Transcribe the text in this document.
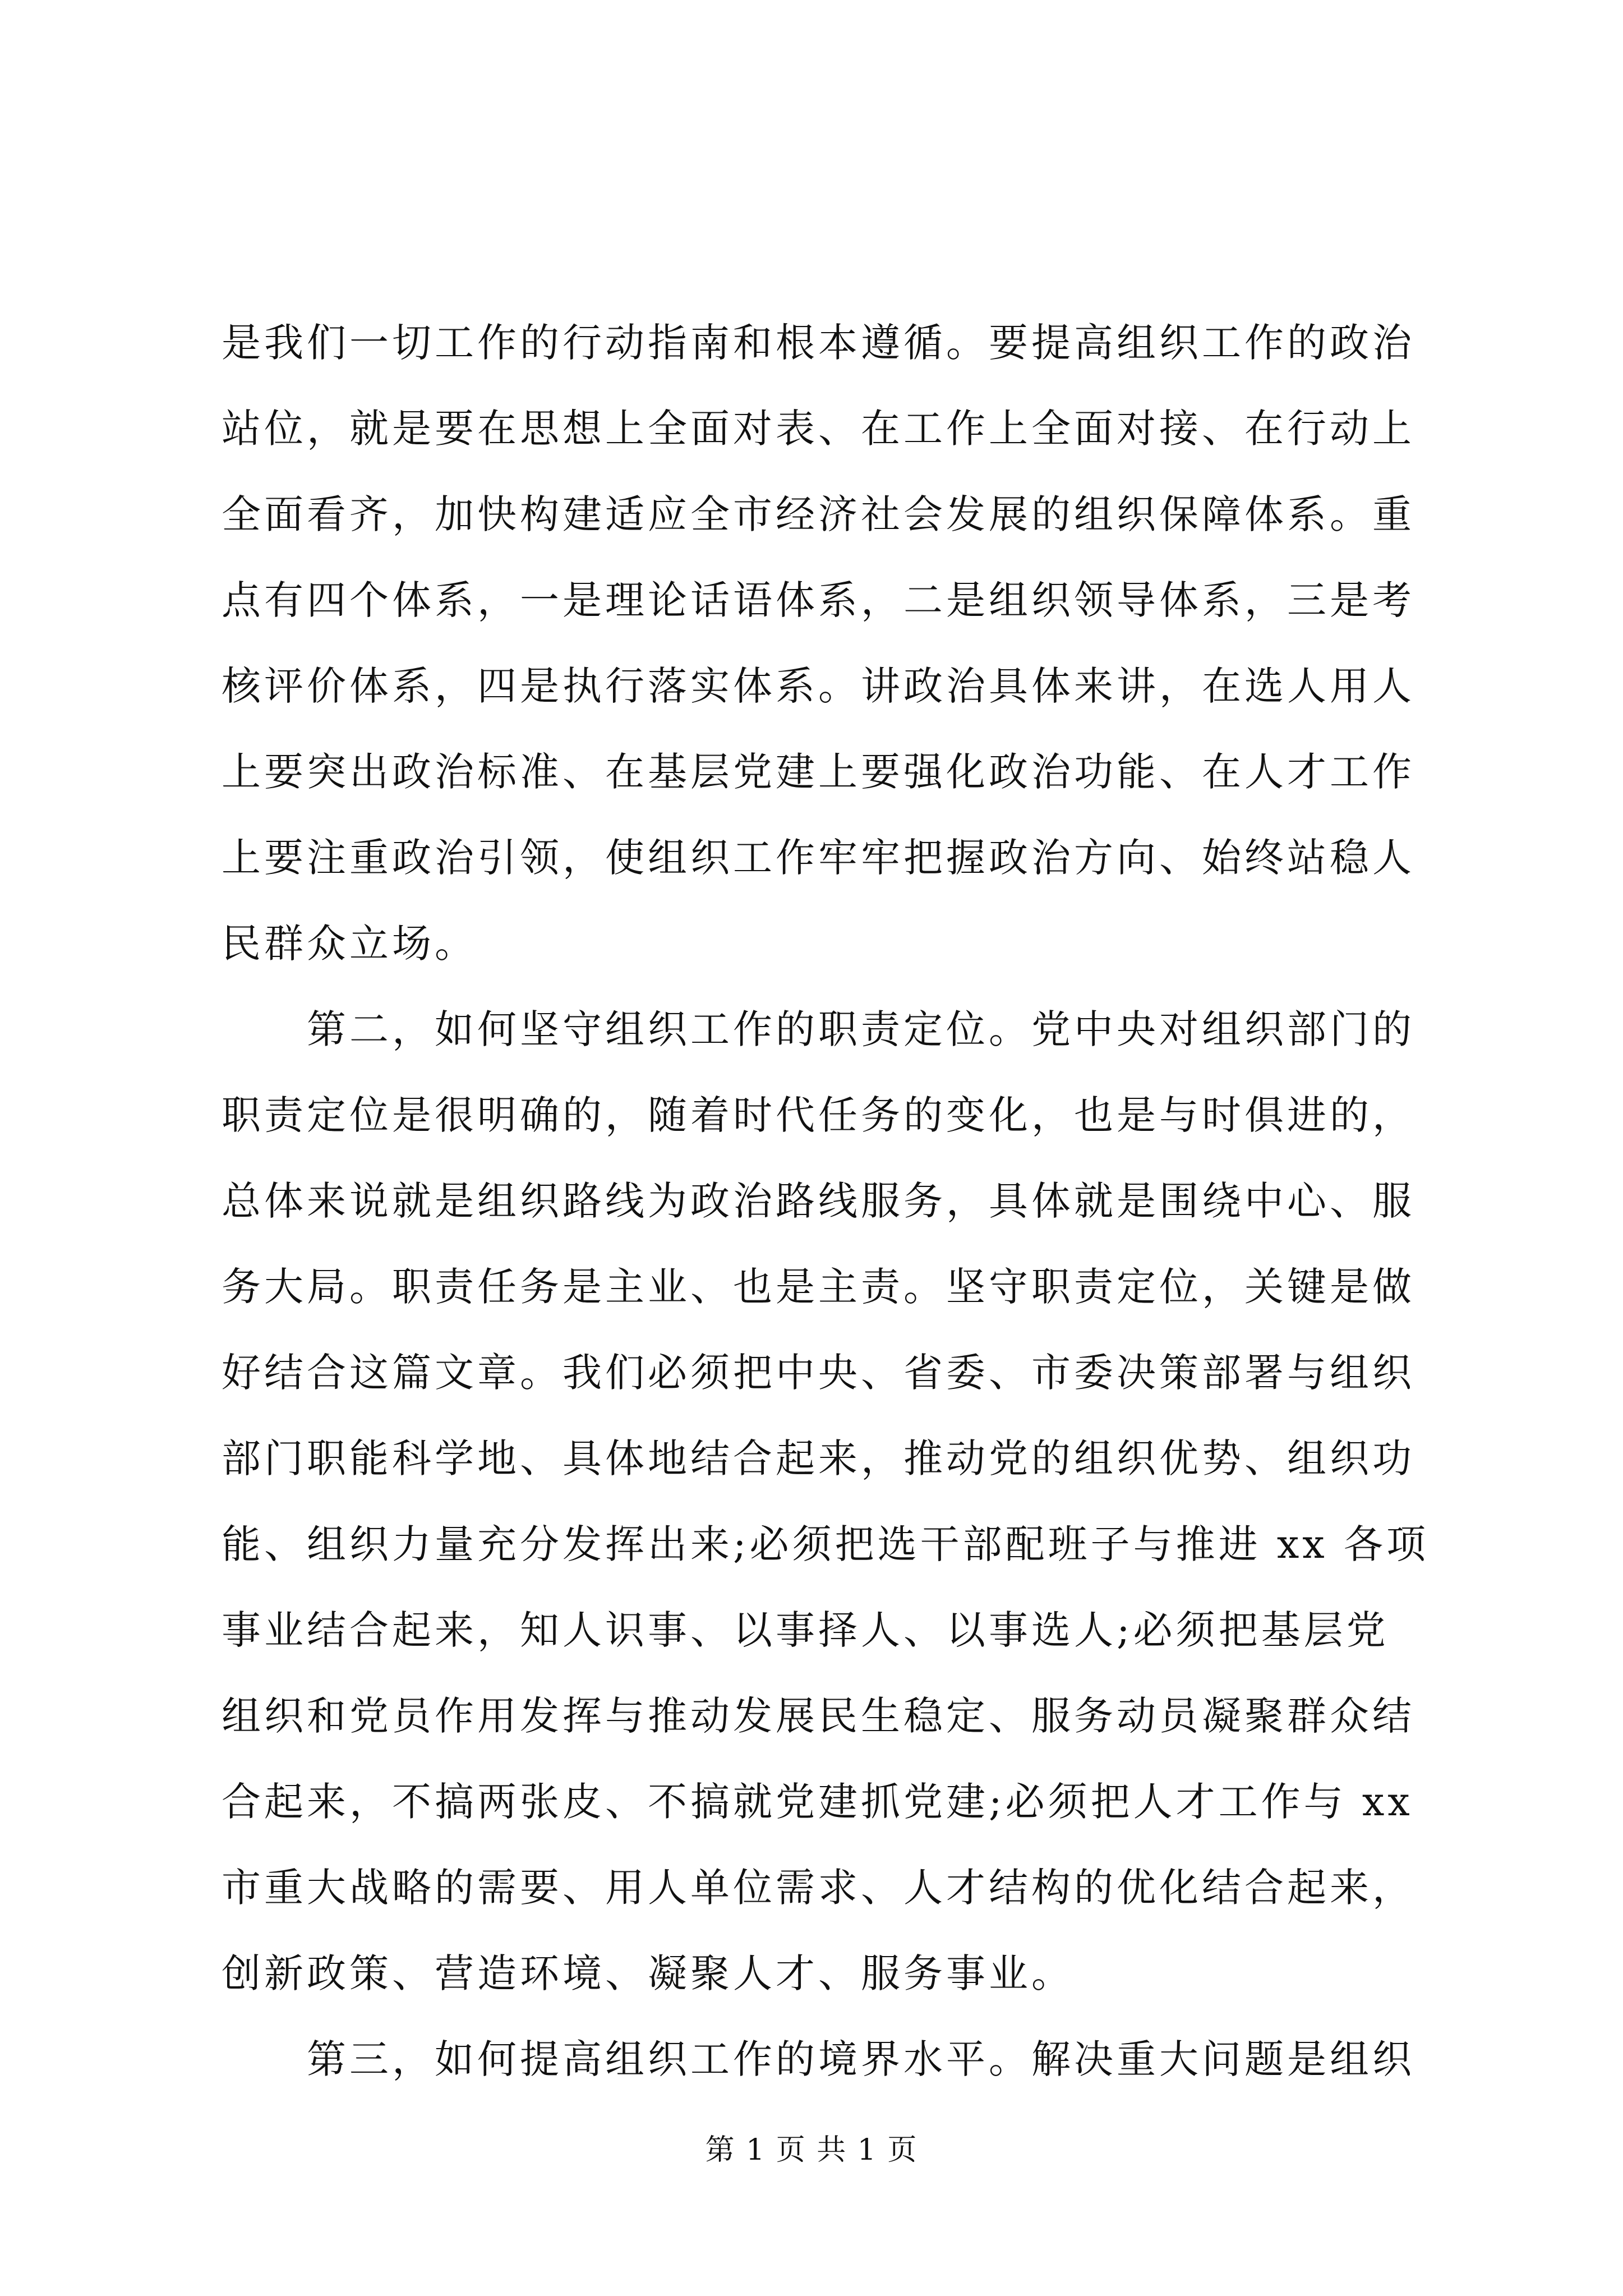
是我们一切工作的行动指南和根本遵循。要提高组织工作的政治
站位，就是要在思想上全面对表、在工作上全面对接、在行动上
全面看齐，加快构建适应全市经济社会发展的组织保障体系。重
点有四个体系，一是理论话语体系，二是组织领导体系，三是考
核评价体系，四是执行落实体系。讲政治具体来讲，在选人用人
上要突出政治标准、在基层党建上要强化政治功能、在人才工作
上要注重政治引领，使组织工作牢牢把握政治方向、始终站稳人
民群众立场。
第二，如何坚守组织工作的职责定位。党中央对组织部门的
职责定位是很明确的，随着时代任务的变化，也是与时俱进的，
总体来说就是组织路线为政治路线服务，具体就是围绕中心、服
务大局。职责任务是主业、也是主责。坚守职责定位，关键是做
好结合这篇文章。我们必须把中央、省委、市委决策部署与组织
部门职能科学地、具体地结合起来，推动党的组织优势、组织功
能、组织力量充分发挥出来;必须把选干部配班子与推进 xx 各项
事业结合起来，知人识事、以事择人、以事选人;必须把基层党
组织和党员作用发挥与推动发展民生稳定、服务动员凝聚群众结
合起来，不搞两张皮、不搞就党建抓党建;必须把人才工作与 xx
市重大战略的需要、用人单位需求、人才结构的优化结合起来，
创新政策、营造环境、凝聚人才、服务事业。
第三，如何提高组织工作的境界水平。解决重大问题是组织
第 1 页 共 1 页
